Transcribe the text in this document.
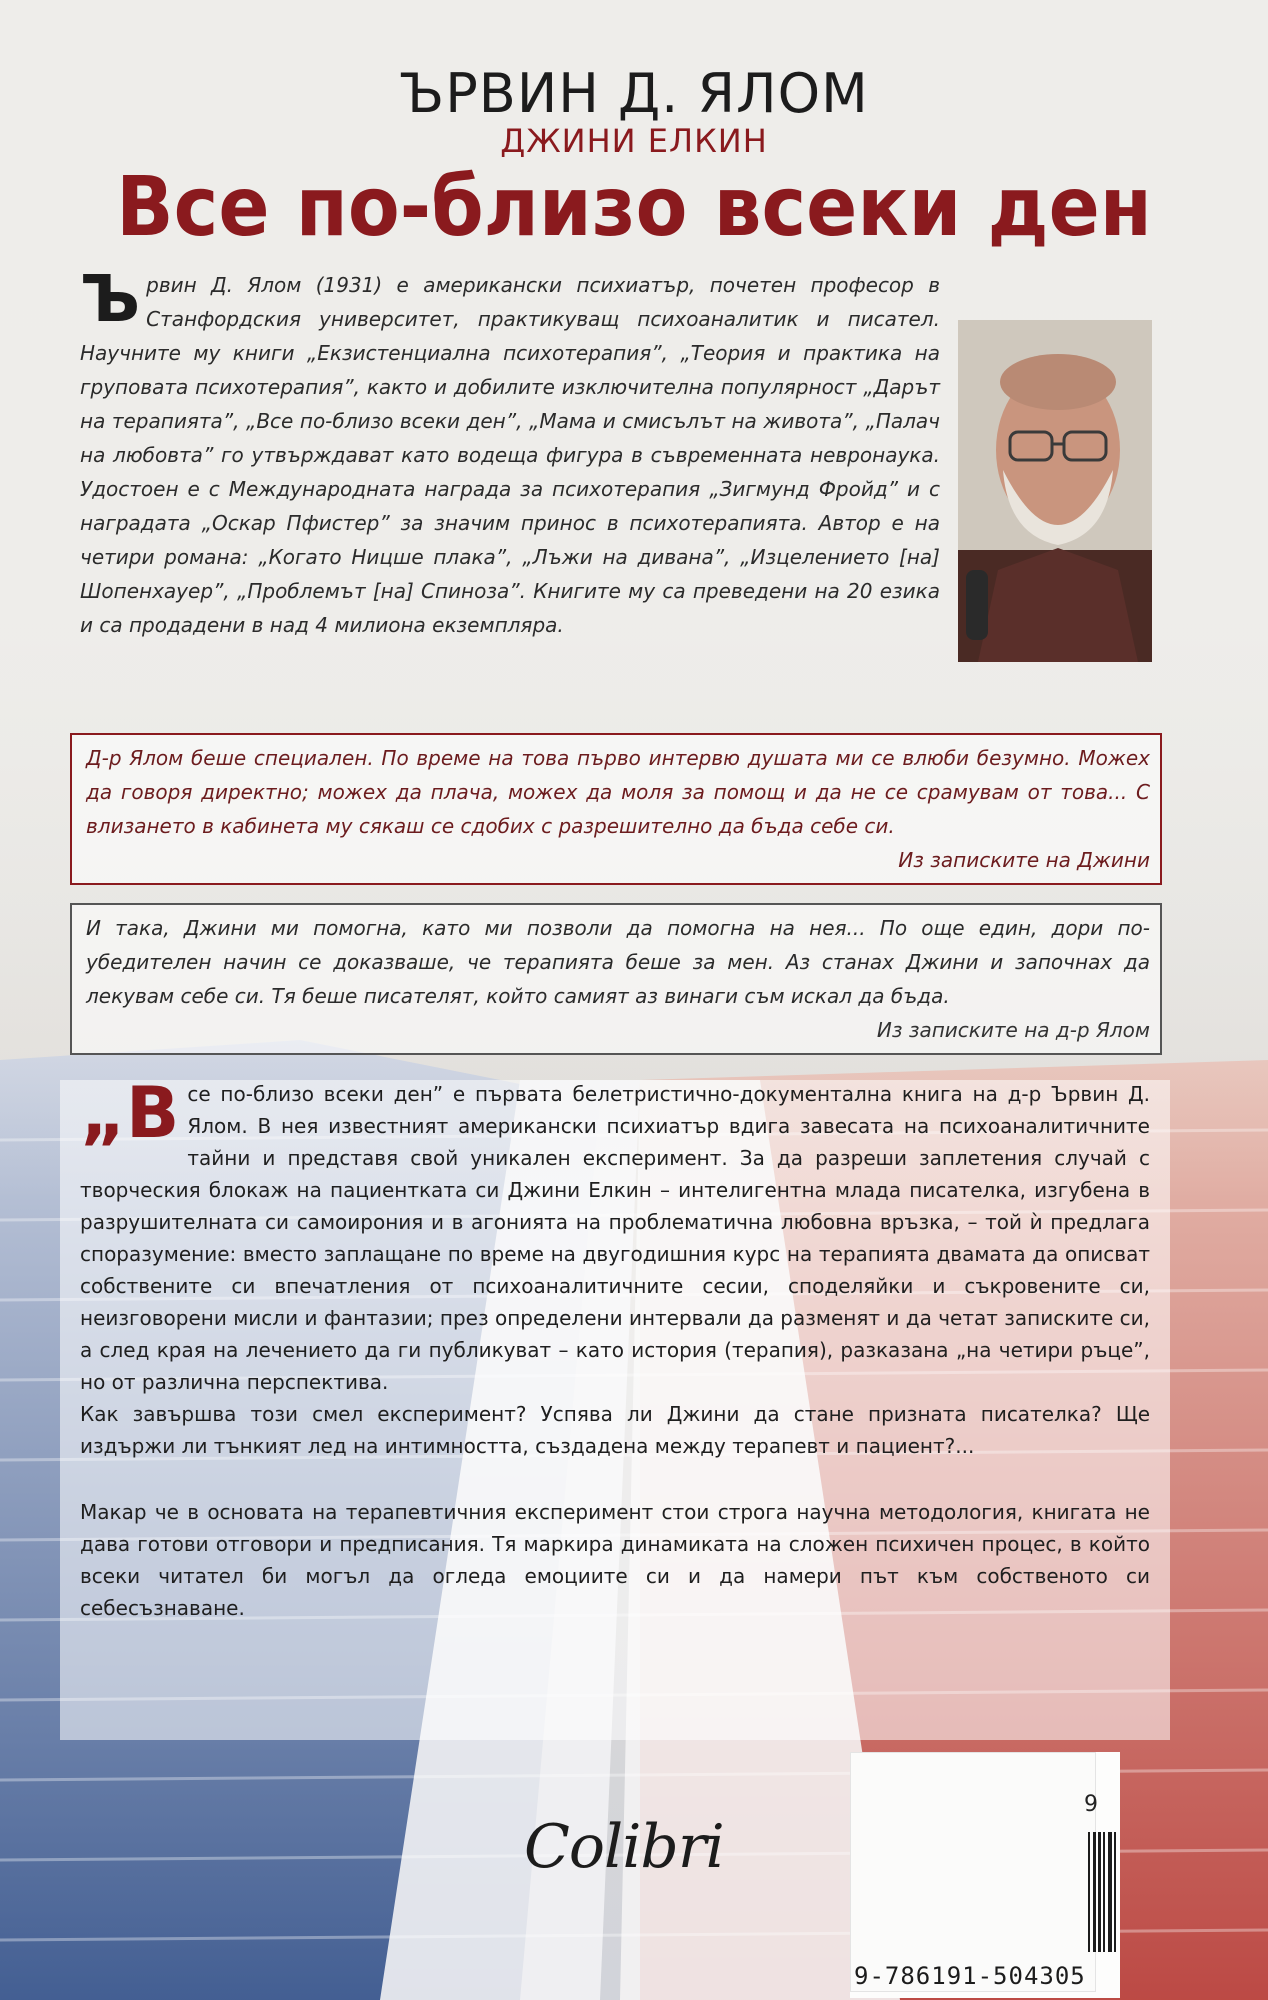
ЪРВИН Д. ЯЛОМ
ДЖИНИ ЕЛКИН
Все по-близо всеки ден
Ървин Д. Ялом (1931) е американски психиатър, почетен професор в Станфордския университет, практикуващ психоаналитик и писател. Научните му книги „Екзистенциална психотерапия”, „Теория и практика на груповата психотерапия”, както и добилите изключителна популярност „Дарът на терапията”, „Все по-близо всеки ден”, „Мама и смисълът на живота”, „Палач на любовта” го утвърждават като водеща фигура в съвременната невронаука. Удостоен е с Международната награда за психотерапия „Зигмунд Фройд” и с наградата „Оскар Пфистер” за значим принос в психотерапията. Автор е на четири романа: „Когато Ницше плака”, „Лъжи на дивана”, „Изцелението [на] Шопенхауер”, „Проблемът [на] Спиноза”. Книгите му са преведени на 20 езика и са продадени в над 4 милиона екземпляра.
Д-р Ялом беше специален. По време на това първо интервю душата ми се влюби безумно. Можех да говоря директно; можех да плача, можех да моля за помощ и да не се срамувам от това... С влизането в кабинета му сякаш се сдобих с разрешително да бъда себе си.
Из записките на Джини
И така, Джини ми помогна, като ми позволи да помогна на нея... По още един, дори по-убедителен начин се доказваше, че терапията беше за мен. Аз станах Джини и започнах да лекувам себе си. Тя беше писателят, който самият аз винаги съм искал да бъда.
Из записките на д-р Ялом

„Все по-близо всеки ден” е първата белетристично-документална книга на д-р Ървин Д. Ялом. В нея известният американски психиатър вдига завесата на психоаналитичните тайни и представя свой уникален експеримент. За да разреши заплетения случай с творческия блокаж на пациентката си Джини Елкин – интелигентна млада писателка, изгубена в разрушителната си самоирония и в агонията на проблематична любовна връзка, – той ѝ предлага споразумение: вместо заплащане по време на двугодишния курс на терапията двамата да описват собствените си впечатления от психоаналитичните сесии, споделяйки и съкровените си, неизговорени мисли и фантазии; през определени интервали да разменят и да четат записките си, а след края на лечението да ги публикуват – като история (терапия), разказана „на четири ръце”, но от различна перспектива.

Как завършва този смел експеримент? Успява ли Джини да стане призната писателка? Ще издържи ли тънкият лед на интимността, създадена между терапевт и пациент?...

Макар че в основата на терапевтичния експеримент стои строга научна методология, книгата не дава готови отговори и предписания. Тя маркира динамиката на сложен психичен процес, в който всеки читател би могъл да огледа емоциите си и да намери път към собственото си себесъзнаване.

Colibri
9
9-786191-504305
